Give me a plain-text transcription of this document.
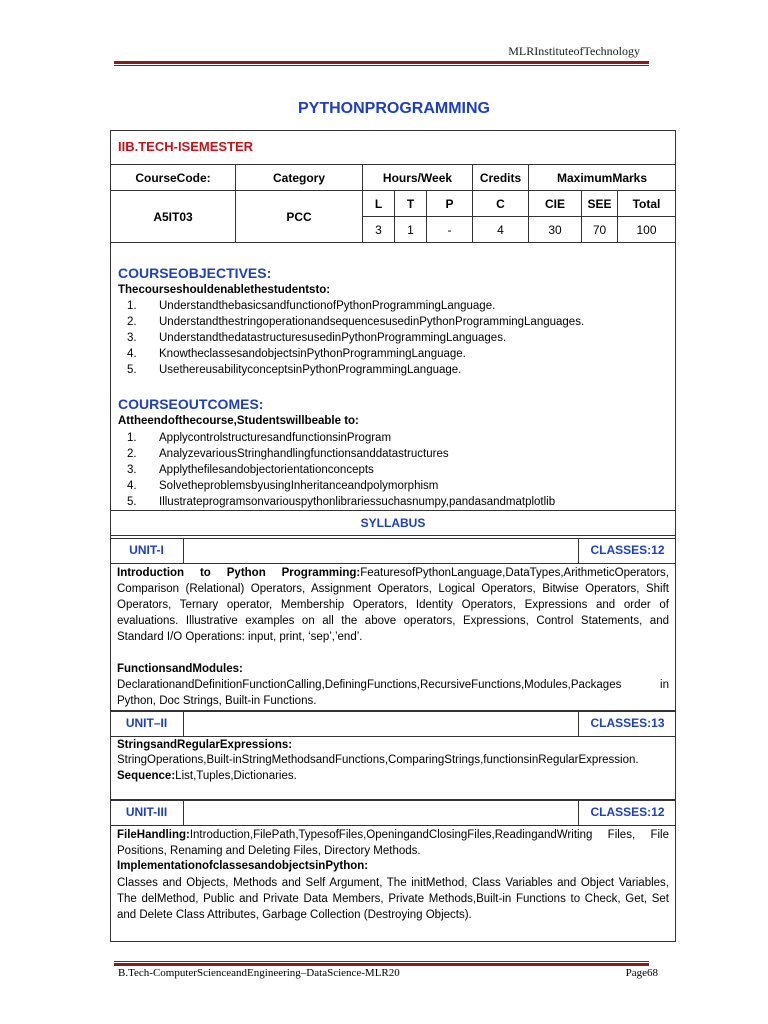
MLRInstituteofTechnology
PYTHONPROGRAMMING
IIB.TECH-ISEMESTER
CourseCode:	Category	Hours/Week			Credits	MaximumMarks		
A5IT03	PCC	L	T	P	C	CIE	SEE	Total
		3	1	-	4	30	70	100
COURSEOBJECTIVES:
Thecourseshouldenablethestudentsto:
1.	UnderstandthebasicsandfunctionofPythonProgrammingLanguage.
2.	UnderstandthestringoperationandsequencesusedinPythonProgrammingLanguages.
3.	UnderstandthedatastructuresusedinPythonProgrammingLanguages.
4.	KnowtheclassesandobjectsinPythonProgrammingLanguage.
5.	UsethereusabilityconceptsinPythonProgrammingLanguage.
COURSEOUTCOMES:
Attheendofthecourse,Studentswillbeable to:
1.	ApplycontrolstructuresandfunctionsinProgram
2.	AnalyzevariousStringhandlingfunctionsanddatastructures
3.	Applythefilesandobjectorientationconcepts
4.	SolvetheproblemsbyusingInheritanceandpolymorphism
5.	Illustrateprogramsonvariouspythonlibrariessuchasnumpy,pandasandmatplotlib
SYLLABUS
UNIT-I	CLASSES:12
Introduction to Python Programming:FeaturesofPythonLanguage,DataTypes,ArithmeticOperators, Comparison (Relational) Operators, Assignment Operators, Logical Operators, Bitwise Operators, Shift Operators, Ternary operator, Membership Operators, Identity Operators, Expressions and order of evaluations. Illustrative examples on all the above operators, Expressions, Control Statements, and Standard I/O Operations: input, print, ‘sep’,’end’.
FunctionsandModules:
DeclarationandDefinitionFunctionCalling,DefiningFunctions,RecursiveFunctions,Modules,Packages in Python, Doc Strings, Built-in Functions.
UNIT–II	CLASSES:13
StringsandRegularExpressions:
StringOperations,Built-inStringMethodsandFunctions,ComparingStrings,functionsinRegularExpression.
Sequence:List,Tuples,Dictionaries.
UNIT-III	CLASSES:12
FileHandling:Introduction,FilePath,TypesofFiles,OpeningandClosingFiles,ReadingandWriting Files, File Positions, Renaming and Deleting Files, Directory Methods.
ImplementationofclassesandobjectsinPython:
Classes and Objects, Methods and Self Argument, The initMethod, Class Variables and Object Variables, The delMethod, Public and Private Data Members, Private Methods,Built-in Functions to Check, Get, Set and Delete Class Attributes, Garbage Collection (Destroying Objects).
B.Tech-ComputerScienceandEngineering–DataScience-MLR20	Page68
